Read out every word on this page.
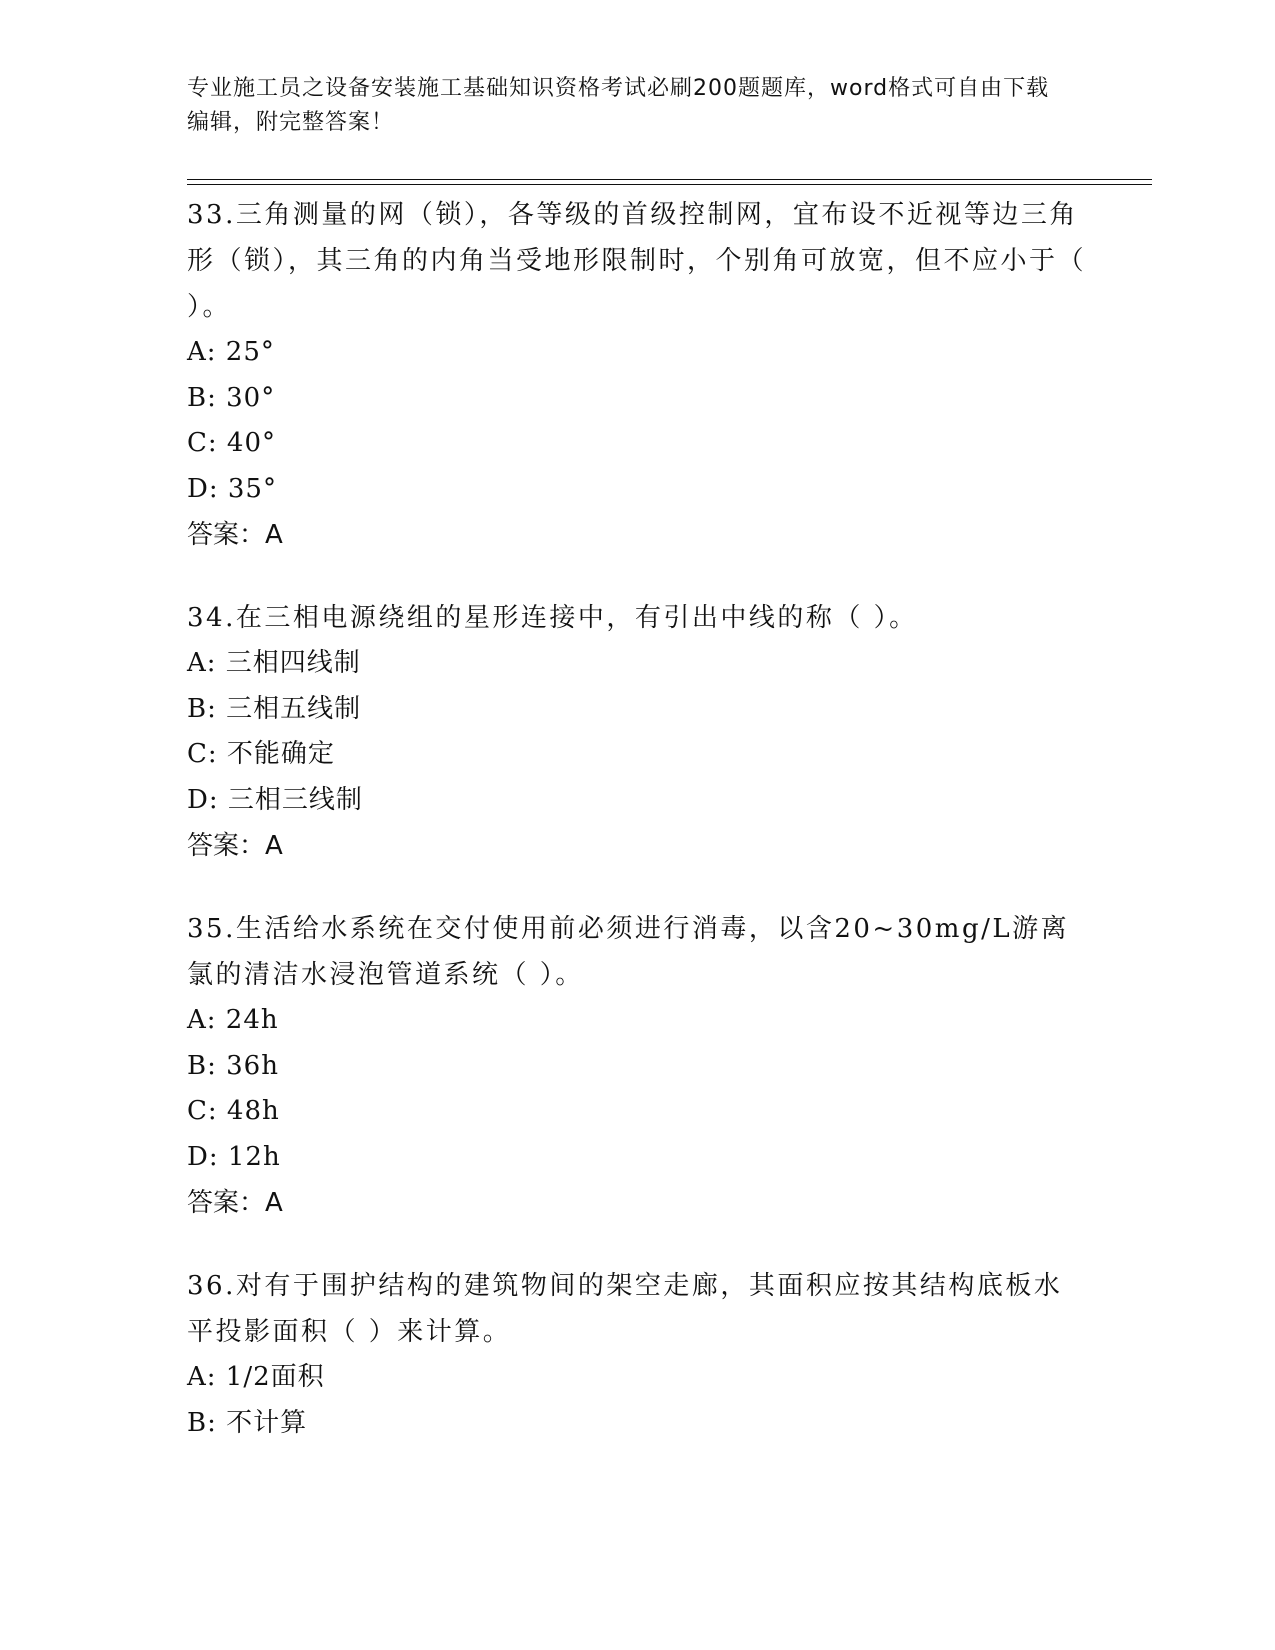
专业施工员之设备安装施工基础知识资格考试必刷200题题库，word格式可自由下载编辑，附完整答案！

33.三角测量的网（锁），各等级的首级控制网，宜布设不近视等边三角形（锁），其三角的内角当受地形限制时，个别角可放宽，但不应小于（ ）。

A: 25°

B: 30°

C: 40°

D: 35°

答案：A

34.在三相电源绕组的星形连接中，有引出中线的称（ ）。

A: 三相四线制

B: 三相五线制

C: 不能确定

D: 三相三线制

答案：A

35.生活给水系统在交付使用前必须进行消毒，以含20~30mg/L游离氯的清洁水浸泡管道系统（ ）。

A: 24h

B: 36h

C: 48h

D: 12h

答案：A

36.对有于围护结构的建筑物间的架空走廊，其面积应按其结构底板水平投影面积（ ）来计算。

A: 1/2面积

B: 不计算
